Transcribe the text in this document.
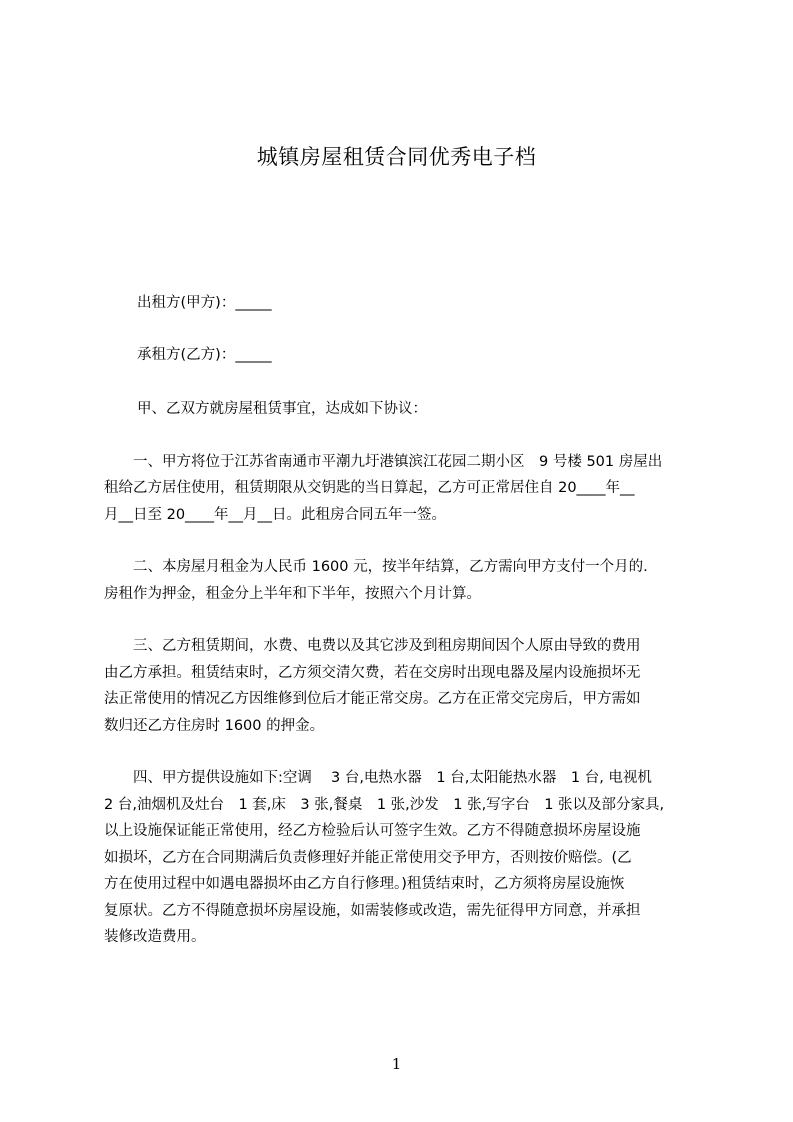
城镇房屋租赁合同优秀电子档
出租方(甲方)：_____
承租方(乙方)：_____
甲、乙双方就房屋租赁事宜，达成如下协议：
　　一、甲方将位于江苏省南通市平潮九圩港镇滨江花园二期小区　9 号楼 501 房屋出
租给乙方居住使用，租赁期限从交钥匙的当日算起，乙方可正常居住自 20____年__
月__日至 20____年__月__日。此租房合同五年一签。
　　二、本房屋月租金为人民币 1600 元，按半年结算，乙方需向甲方支付一个月的.
房租作为押金，租金分上半年和下半年，按照六个月计算。
　　三、乙方租赁期间，水费、电费以及其它涉及到租房期间因个人原由导致的费用
由乙方承担。租赁结束时，乙方须交清欠费，若在交房时出现电器及屋内设施损坏无
法正常使用的情况乙方因维修到位后才能正常交房。乙方在正常交完房后，甲方需如
数归还乙方住房时 1600 的押金。
　　四、甲方提供设施如下:空调　 3 台,电热水器　1 台,太阳能热水器　1 台, 电视机
2 台,油烟机及灶台　1 套,床　3 张,餐桌　1 张,沙发　1 张,写字台　1 张以及部分家具,
以上设施保证能正常使用，经乙方检验后认可签字生效。乙方不得随意损坏房屋设施
如损坏，乙方在合同期满后负责修理好并能正常使用交予甲方，否则按价赔偿。(乙
方在使用过程中如遇电器损坏由乙方自行修理。)租赁结束时，乙方须将房屋设施恢
复原状。乙方不得随意损坏房屋设施，如需装修或改造，需先征得甲方同意，并承担
装修改造费用。
1
